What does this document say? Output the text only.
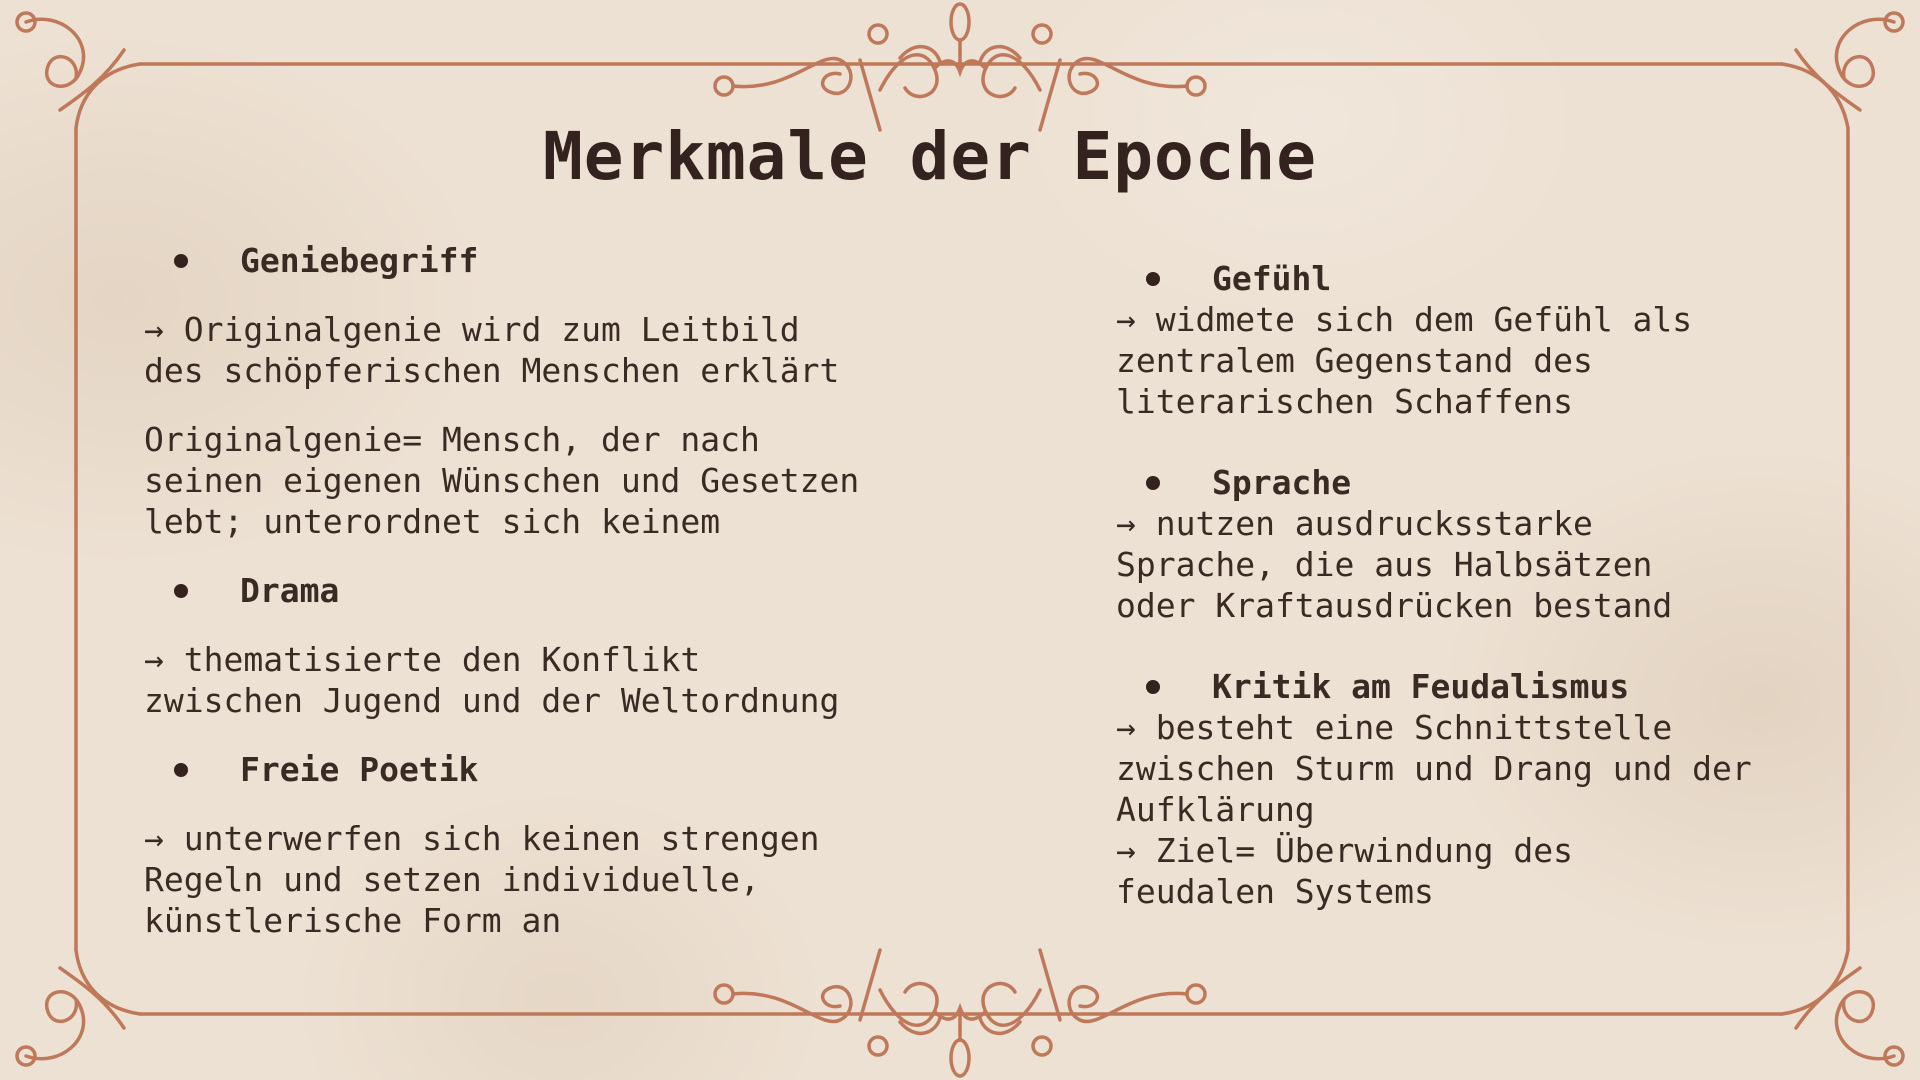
Merkmale der Epoche
Geniebegriff
→ Originalgenie wird zum Leitbild
des schöpferischen Menschen erklärt
Originalgenie= Mensch, der nach
seinen eigenen Wünschen und Gesetzen
lebt; unterordnet sich keinem
Drama
→ thematisierte den Konflikt
zwischen Jugend und der Weltordnung
Freie Poetik
→ unterwerfen sich keinen strengen
Regeln und setzen individuelle,
künstlerische Form an
Gefühl
→ widmete sich dem Gefühl als
zentralem Gegenstand des
literarischen Schaffens
Sprache
→ nutzen ausdrucksstarke
Sprache, die aus Halbsätzen
oder Kraftausdrücken bestand
Kritik am Feudalismus
→ besteht eine Schnittstelle
zwischen Sturm und Drang und der
Aufklärung
→ Ziel= Überwindung des
feudalen Systems
